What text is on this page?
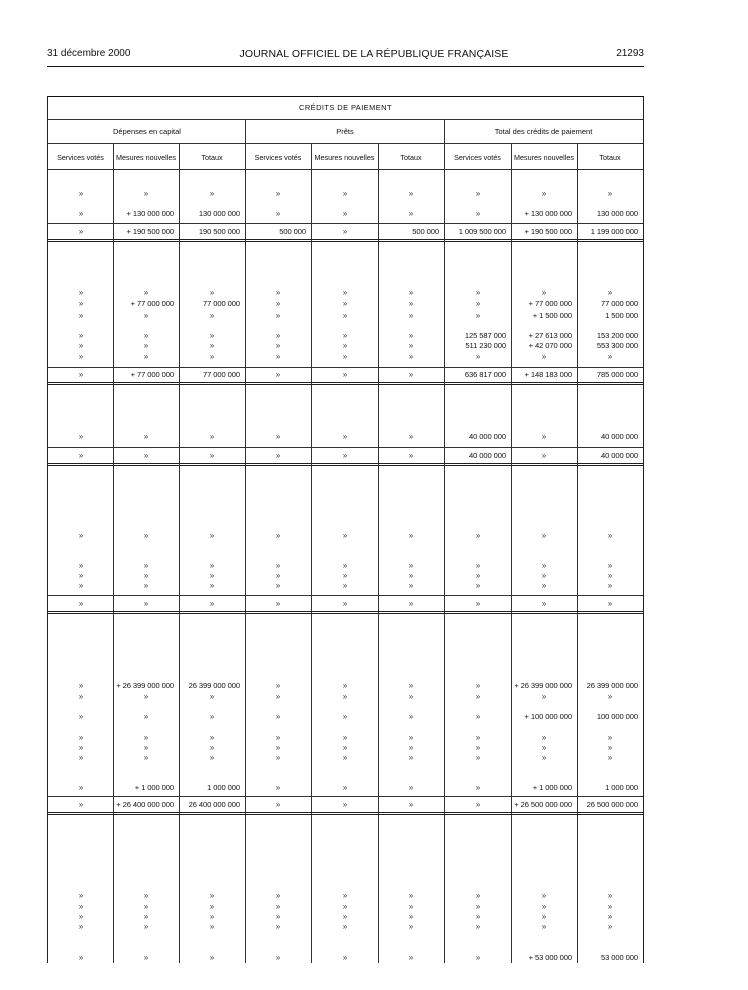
31 décembre 2000	JOURNAL OFFICIEL DE LA RÉPUBLIQUE FRANÇAISE	21293
CRÉDITS DE PAIEMENT
Dépenses en capital	Prêts	Total des crédits de paiement
Services votés	Mesures nouvelles	Totaux	Services votés	Mesures nouvelles	Totaux	Services votés	Mesures nouvelles	Totaux
»	»	»	»	»	»	»	»	»
»	+ 130 000 000	130 000 000	»	»	»	»	+ 130 000 000	130 000 000
»	+ 190 500 000	190 500 000	500 000	»	500 000	1 009 500 000	+ 190 500 000	1 199 000 000
»	»	»	»	»	»	»	»	»
»	+ 77 000 000	77 000 000	»	»	»	»	+ 77 000 000	77 000 000
»	»	»	»	»	»	»	+ 1 500 000	1 500 000
»	»	»	»	»	»	125 587 000	+ 27 613 000	153 200 000
»	»	»	»	»	»	511 230 000	+ 42 070 000	553 300 000
»	»	»	»	»	»	»	»	»
»	+ 77 000 000	77 000 000	»	»	»	636 817 000	+ 148 183 000	785 000 000
»	»	»	»	»	»	40 000 000	»	40 000 000
»	»	»	»	»	»	40 000 000	»	40 000 000
»	»	»	»	»	»	»	»	»
»	»	»	»	»	»	»	»	»
»	»	»	»	»	»	»	»	»
»	»	»	»	»	»	»	»	»
»	»	»	»	»	»	»	»	»
»	+ 26 399 000 000	26 399 000 000	»	»	»	»	+ 26 399 000 000	26 399 000 000
»	»	»	»	»	»	»	»	»
»	»	»	»	»	»	»	+ 100 000 000	100 000 000
»	»	»	»	»	»	»	»	»
»	»	»	»	»	»	»	»	»
»	»	»	»	»	»	»	»	»
»	+ 1 000 000	1 000 000	»	»	»	»	+ 1 000 000	1 000 000
»	+ 26 400 000 000	26 400 000 000	»	»	»	»	+ 26 500 000 000	26 500 000 000
»	»	»	»	»	»	»	»	»
»	»	»	»	»	»	»	»	»
»	»	»	»	»	»	»	»	»
»	»	»	»	»	»	»	»	»
»	»	»	»	»	»	»	+ 53 000 000	53 000 000
